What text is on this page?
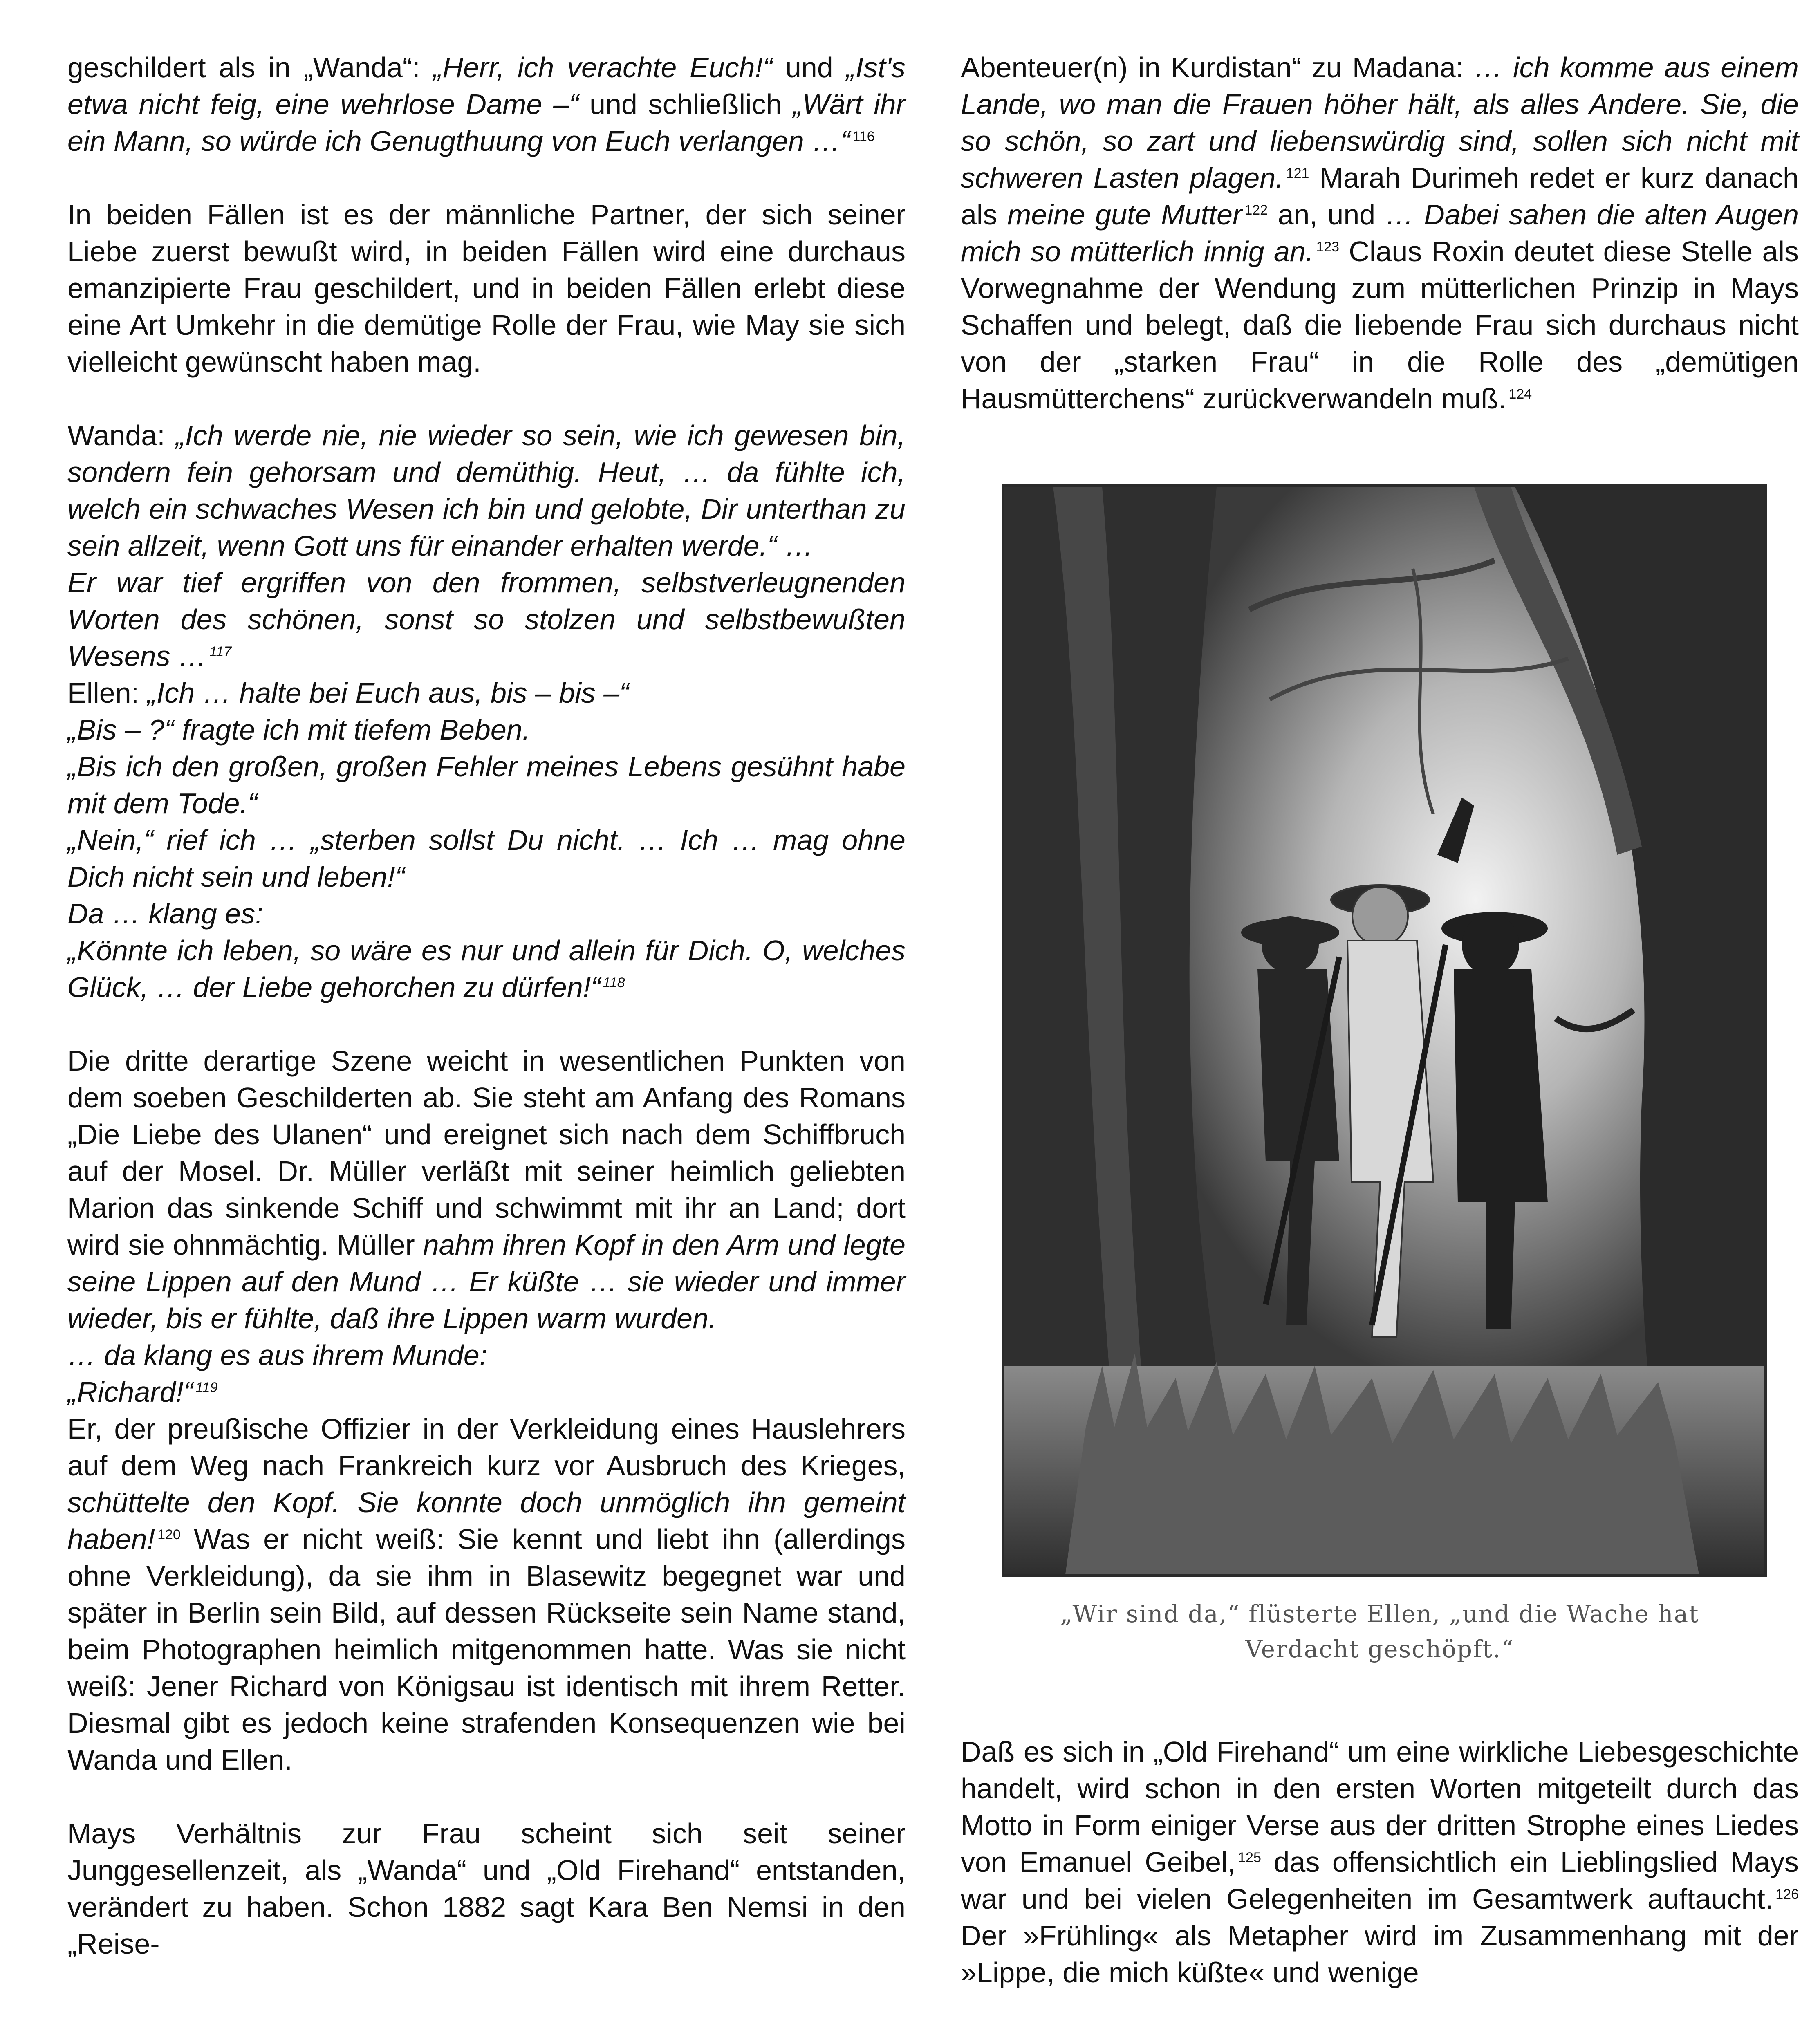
geschildert als in „Wanda“: „Herr, ich verachte Euch!“ und „Ist's etwa nicht feig, eine wehrlose Dame –“ und schließlich „Wärt ihr ein Mann, so würde ich Genugthuung von Euch verlangen …“ $^{116}$

In beiden Fällen ist es der männliche Partner, der sich seiner Liebe zuerst bewußt wird, in beiden Fällen wird eine durchaus emanzipierte Frau geschildert, und in beiden Fällen erlebt diese eine Art Umkehr in die demütige Rolle der Frau, wie May sie sich vielleicht gewünscht haben mag.

Wanda: „Ich werde nie, nie wieder so sein, wie ich gewesen bin, sondern fein gehorsam und demüthig. Heut, … da fühlte ich, welch ein schwaches Wesen ich bin und gelobte, Dir unterthan zu sein allzeit, wenn Gott uns für einander erhalten werde.“ …

Er war tief ergriffen von den frommen, selbstverleugnenden Worten des schönen, sonst so stolzen und selbstbewußten Wesens … $^{117}$

Ellen: „Ich … halte bei Euch aus, bis – bis –“

„Bis – ?“ fragte ich mit tiefem Beben.

„Bis ich den großen, großen Fehler meines Lebens gesühnt habe mit dem Tode.“

„Nein,“ rief ich … „sterben sollst Du nicht. … Ich … mag ohne Dich nicht sein und leben!“

Da … klang es:

„Könnte ich leben, so wäre es nur und allein für Dich. O, welches Glück, … der Liebe gehorchen zu dürfen!“ $^{118}$

Die dritte derartige Szene weicht in wesentlichen Punkten von dem soeben Geschilderten ab. Sie steht am Anfang des Romans „Die Liebe des Ulanen“ und ereignet sich nach dem Schiffbruch auf der Mosel. Dr. Müller verläßt mit seiner heimlich geliebten Marion das sinkende Schiff und schwimmt mit ihr an Land; dort wird sie ohnmächtig. Müller nahm ihren Kopf in den Arm und legte seine Lippen auf den Mund … Er küßte … sie wieder und immer wieder, bis er fühlte, daß ihre Lippen warm wurden.

… da klang es aus ihrem Munde:

„Richard!“ $^{119}$

Er, der preußische Offizier in der Verkleidung eines Hauslehrers auf dem Weg nach Frankreich kurz vor Ausbruch des Krieges, schüttelte den Kopf. Sie konnte doch unmöglich ihn gemeint haben! $^{120}$ Was er nicht weiß: Sie kennt und liebt ihn (allerdings ohne Verkleidung), da sie ihm in Blasewitz begegnet war und später in Berlin sein Bild, auf dessen Rückseite sein Name stand, beim Photographen heimlich mitgenommen hatte. Was sie nicht weiß: Jener Richard von Königsau ist identisch mit ihrem Retter. Diesmal gibt es jedoch keine strafenden Konsequenzen wie bei Wanda und Ellen.

Mays Verhältnis zur Frau scheint sich seit seiner Junggesellenzeit, als „Wanda“ und „Old Firehand“ entstanden, verändert zu haben. Schon 1882 sagt Kara Ben Nemsi in den „Reise-

Abenteuer(n) in Kurdistan“ zu Madana: … ich komme aus einem Lande, wo man die Frauen höher hält, als alles Andere. Sie, die so schön, so zart und liebenswürdig sind, sollen sich nicht mit schweren Lasten plagen. $^{121}$ Marah Durimeh redet er kurz danach als meine gute Mutter $^{122}$ an, und … Dabei sahen die alten Augen mich so mütterlich innig an. $^{123}$ Claus Roxin deutet diese Stelle als Vorwegnahme der Wendung zum mütterlichen Prinzip in Mays Schaffen und belegt, daß die liebende Frau sich durchaus nicht von der „starken Frau“ in die Rolle des „demütigen Hausmütterchens“ zurückverwandeln muß. $^{124}$

„Wir sind da,“ flüsterte Ellen, „und die Wache hat
Verdacht geschöpft.“

Daß es sich in „Old Firehand“ um eine wirkliche Liebesgeschichte handelt, wird schon in den ersten Worten mitgeteilt durch das Motto in Form einiger Verse aus der dritten Strophe eines Liedes von Emanuel Geibel, $^{125}$ das offensichtlich ein Lieblingslied Mays war und bei vielen Gelegenheiten im Gesamtwerk auftaucht. $^{126}$ Der »Frühling« als Metapher wird im Zusammenhang mit der »Lippe, die mich küßte« und wenige
